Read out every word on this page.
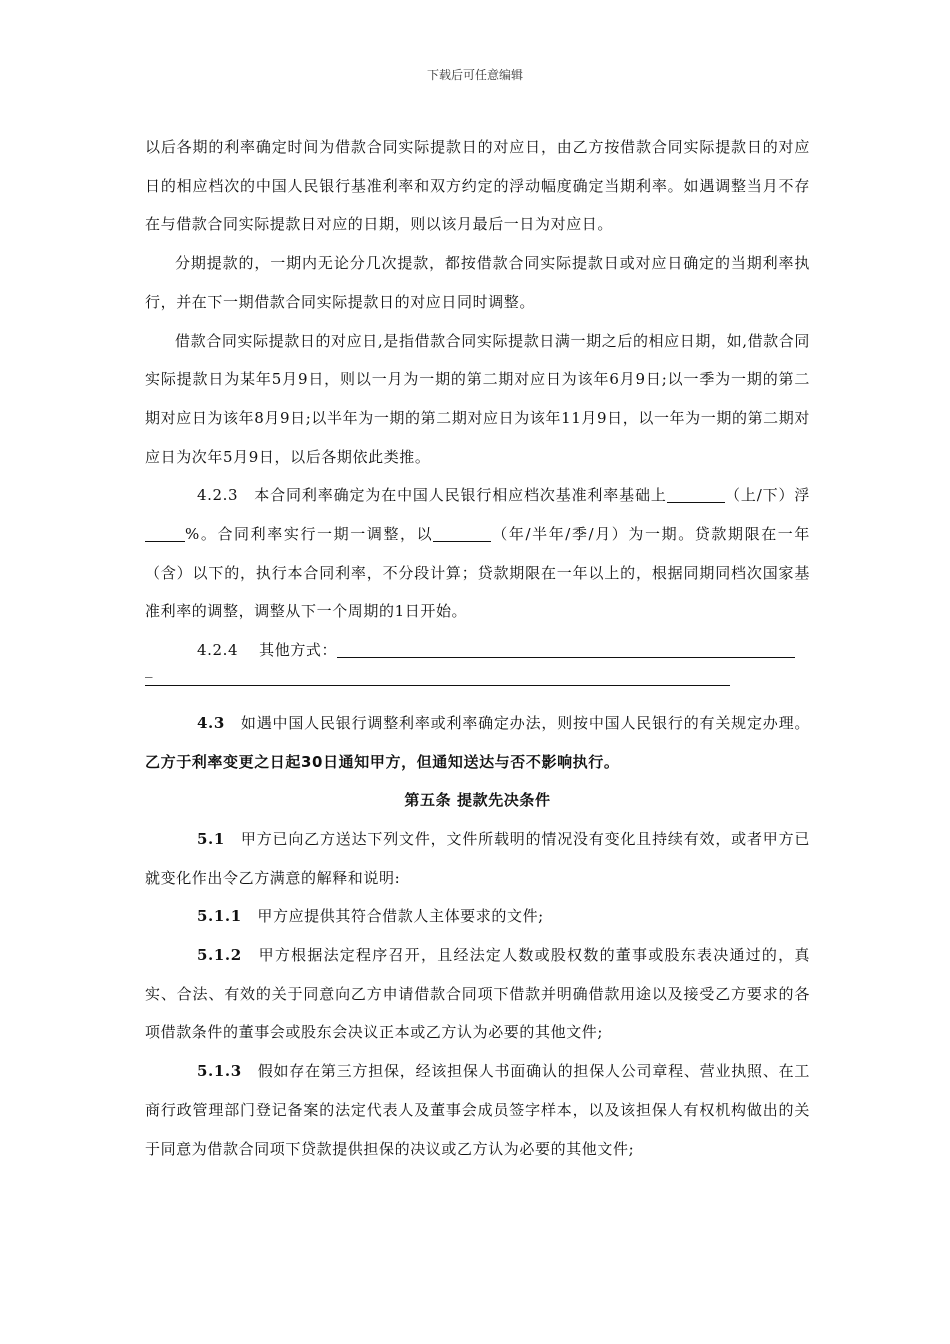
下载后可任意编辑

以后各期的利率确定时间为借款合同实际提款日的对应日，由乙方按借款合同实际提款日的对应日的相应档次的中国人民银行基准利率和双方约定的浮动幅度确定当期利率。如遇调整当月不存在与借款合同实际提款日对应的日期，则以该月最后一日为对应日。

分期提款的，一期内无论分几次提款，都按借款合同实际提款日或对应日确定的当期利率执行，并在下一期借款合同实际提款日的对应日同时调整。

借款合同实际提款日的对应日,是指借款合同实际提款日满一期之后的相应日期，如,借款合同实际提款日为某年5月9日，则以一月为一期的第二期对应日为该年6月9日;以一季为一期的第二期对应日为该年8月9日;以半年为一期的第二期对应日为该年11月9日，以一年为一期的第二期对应日为次年5月9日，以后各期依此类推。

4.2.3　本合同利率确定为在中国人民银行相应档次基准利率基础上	（上/下）浮%。合同利率实行一期一调整，以	（年/半年/季/月）为一期。贷款期限在一年（含）以下的，执行本合同利率，不分段计算；贷款期限在一年以上的，根据同期同档次国家基准利率的调整，调整从下一个周期的1日开始。

4.2.4　 其他方式：

_

4.3　如遇中国人民银行调整利率或利率确定办法，则按中国人民银行的有关规定办理。乙方于利率变更之日起30日通知甲方，但通知送达与否不影响执行。

第五条 提款先决条件

5.1　甲方已向乙方送达下列文件，文件所载明的情况没有变化且持续有效，或者甲方已就变化作出令乙方满意的解释和说明:

5.1.1　甲方应提供其符合借款人主体要求的文件;

5.1.2　甲方根据法定程序召开，且经法定人数或股权数的董事或股东表决通过的，真实、合法、有效的关于同意向乙方申请借款合同项下借款并明确借款用途以及接受乙方要求的各项借款条件的董事会或股东会决议正本或乙方认为必要的其他文件;

5.1.3　假如存在第三方担保，经该担保人书面确认的担保人公司章程、营业执照、在工商行政管理部门登记备案的法定代表人及董事会成员签字样本，以及该担保人有权机构做出的关于同意为借款合同项下贷款提供担保的决议或乙方认为必要的其他文件;
